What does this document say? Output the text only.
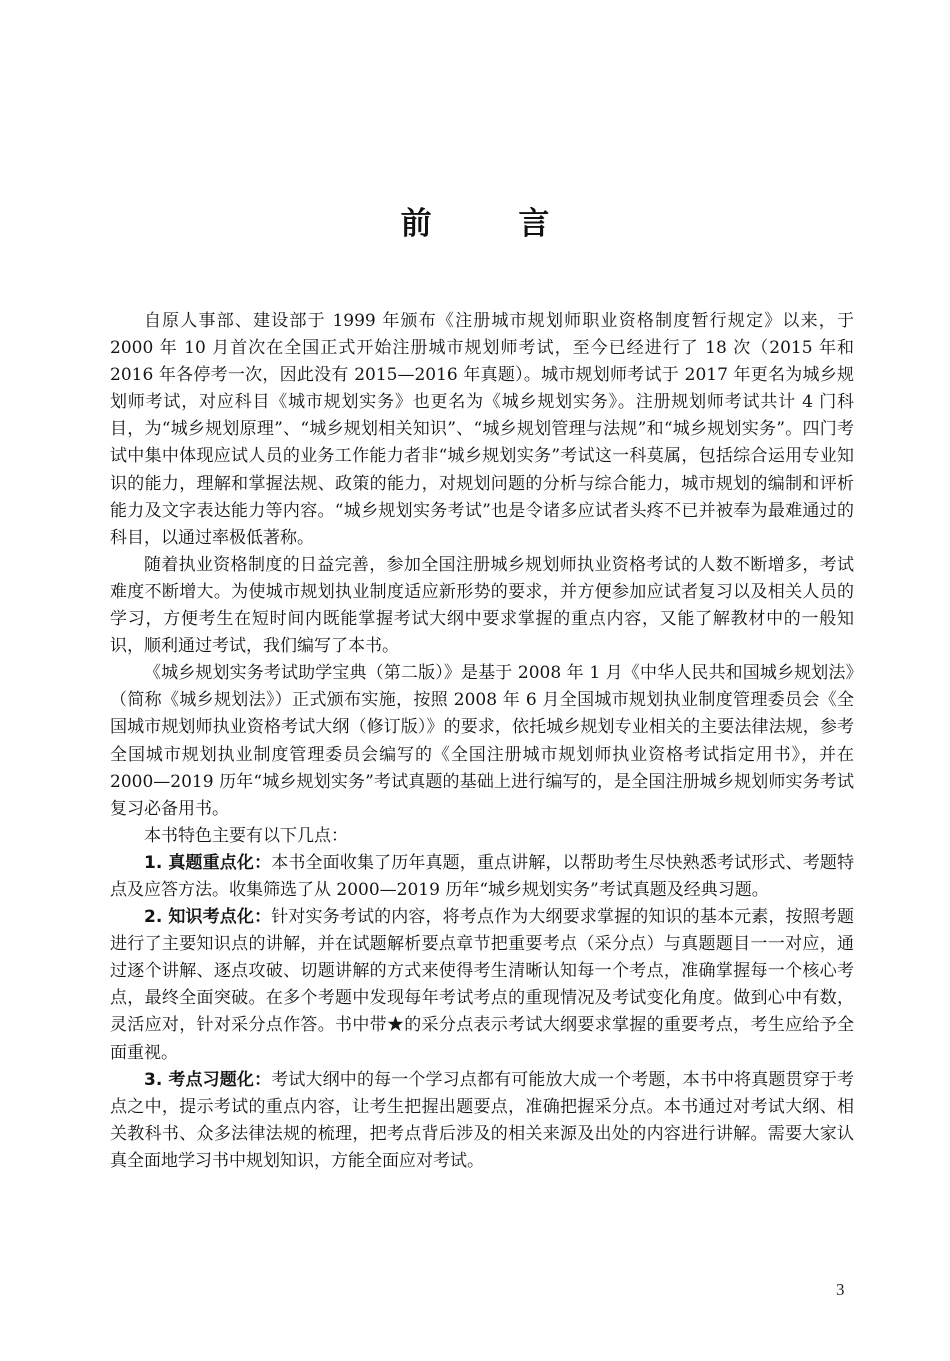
前 言

自原人事部、建设部于 1999 年颁布《注册城市规划师职业资格制度暂行规定》以来，于 2000 年 10 月首次在全国正式开始注册城市规划师考试，至今已经进行了 18 次（2015 年和 2016 年各停考一次，因此没有 2015—2016 年真题）。城市规划师考试于 2017 年更名为城乡规划师考试，对应科目《城市规划实务》也更名为《城乡规划实务》。注册规划师考试共计 4 门科目，为“城乡规划原理”、“城乡规划相关知识”、“城乡规划管理与法规”和“城乡规划实务”。四门考试中集中体现应试人员的业务工作能力者非“城乡规划实务”考试这一科莫属，包括综合运用专业知识的能力，理解和掌握法规、政策的能力，对规划问题的分析与综合能力，城市规划的编制和评析能力及文字表达能力等内容。“城乡规划实务考试”也是令诸多应试者头疼不已并被奉为最难通过的科目，以通过率极低著称。

随着执业资格制度的日益完善，参加全国注册城乡规划师执业资格考试的人数不断增多，考试难度不断增大。为使城市规划执业制度适应新形势的要求，并方便参加应试者复习以及相关人员的学习，方便考生在短时间内既能掌握考试大纲中要求掌握的重点内容，又能了解教材中的一般知识，顺利通过考试，我们编写了本书。

《城乡规划实务考试助学宝典（第二版）》是基于 2008 年 1 月《中华人民共和国城乡规划法》（简称《城乡规划法》）正式颁布实施，按照 2008 年 6 月全国城市规划执业制度管理委员会《全国城市规划师执业资格考试大纲（修订版）》的要求，依托城乡规划专业相关的主要法律法规，参考全国城市规划执业制度管理委员会编写的《全国注册城市规划师执业资格考试指定用书》，并在 2000—2019 历年“城乡规划实务”考试真题的基础上进行编写的，是全国注册城乡规划师实务考试复习必备用书。

本书特色主要有以下几点：

1. 真题重点化：本书全面收集了历年真题，重点讲解，以帮助考生尽快熟悉考试形式、考题特点及应答方法。收集筛选了从 2000—2019 历年“城乡规划实务”考试真题及经典习题。

2. 知识考点化：针对实务考试的内容，将考点作为大纲要求掌握的知识的基本元素，按照考题进行了主要知识点的讲解，并在试题解析要点章节把重要考点（采分点）与真题题目一一对应，通过逐个讲解、逐点攻破、切题讲解的方式来使得考生清晰认知每一个考点，准确掌握每一个核心考点，最终全面突破。在多个考题中发现每年考试考点的重现情况及考试变化角度。做到心中有数，灵活应对，针对采分点作答。书中带★的采分点表示考试大纲要求掌握的重要考点，考生应给予全面重视。

3. 考点习题化：考试大纲中的每一个学习点都有可能放大成一个考题，本书中将真题贯穿于考点之中，提示考试的重点内容，让考生把握出题要点，准确把握采分点。本书通过对考试大纲、相关教科书、众多法律法规的梳理，把考点背后涉及的相关来源及出处的内容进行讲解。需要大家认真全面地学习书中规划知识，方能全面应对考试。

3
